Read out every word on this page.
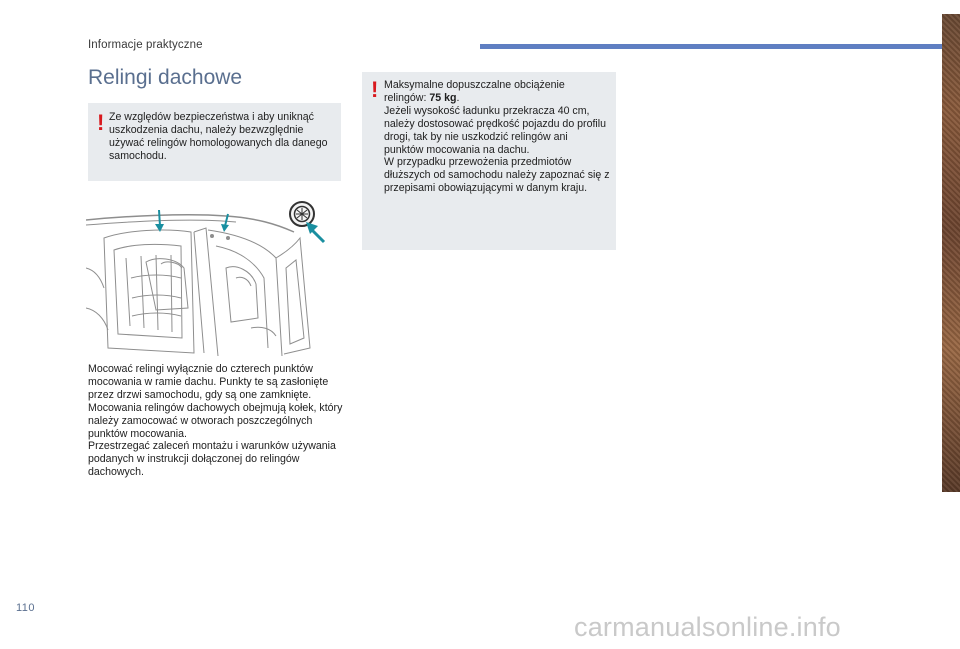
Informacje praktyczne
Relingi dachowe
! Ze względów bezpieczeństwa i aby uniknąć uszkodzenia dachu, należy bezwzględnie używać relingów homologowanych dla danego samochodu.
! Maksymalne dopuszczalne obciążenie relingów: 75 kg.
Jeżeli wysokość ładunku przekracza 40 cm, należy dostosować prędkość pojazdu do profilu drogi, tak by nie uszkodzić relingów ani punktów mocowania na dachu.
W przypadku przewożenia przedmiotów dłuższych od samochodu należy zapoznać się z przepisami obowiązującymi w danym kraju.
Mocować relingi wyłącznie do czterech punktów mocowania w ramie dachu. Punkty te są zasłonięte przez drzwi samochodu, gdy są one zamknięte.
Mocowania relingów dachowych obejmują kołek, który należy zamocować w otworach poszczególnych punktów mocowania.
Przestrzegać zaleceń montażu i warunków używania podanych w instrukcji dołączonej do relingów dachowych.
110
carmanualsonline.info
